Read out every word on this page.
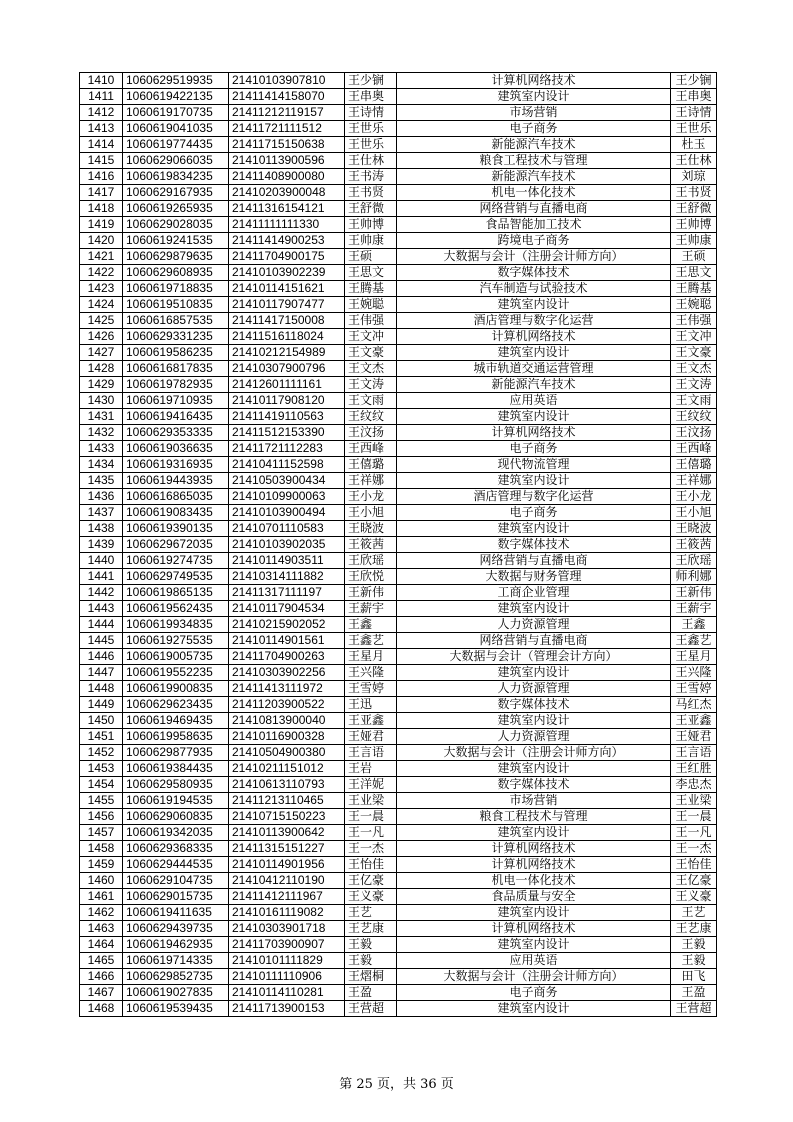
1410	1060629519935	21410103907810	王少锎	计算机网络技术	王少锎
1411	1060619422135	21411414158070	王串奥	建筑室内设计	王串奥
1412	1060619170735	21411212119157	王诗情	市场营销	王诗情
1413	1060619041035	21411721111512	王世乐	电子商务	王世乐
1414	1060619774435	21411715150638	王世乐	新能源汽车技术	杜玉
1415	1060629066035	21410113900596	王仕林	粮食工程技术与管理	王仕林
1416	1060619834235	21411408900080	王书涛	新能源汽车技术	刘琼
1417	1060629167935	21410203900048	王书贤	机电一体化技术	王书贤
1418	1060619265935	21411316154121	王舒微	网络营销与直播电商	王舒微
1419	1060629028035	21411111111330	王帅博	食品智能加工技术	王帅博
1420	1060619241535	21411414900253	王帅康	跨境电子商务	王帅康
1421	1060629879635	21411704900175	王硕	大数据与会计（注册会计师方向）	王硕
1422	1060629608935	21410103902239	王思文	数字媒体技术	王思文
1423	1060619718835	21410114151621	王腾基	汽车制造与试验技术	王腾基
1424	1060619510835	21410117907477	王婉聪	建筑室内设计	王婉聪
1425	1060616857535	21411417150008	王伟强	酒店管理与数字化运营	王伟强
1426	1060629331235	21411516118024	王文冲	计算机网络技术	王文冲
1427	1060619586235	21410212154989	王文豪	建筑室内设计	王文豪
1428	1060616817835	21410307900796	王文杰	城市轨道交通运营管理	王文杰
1429	1060619782935	21412601111161	王文涛	新能源汽车技术	王文涛
1430	1060619710935	21410117908120	王文雨	应用英语	王文雨
1431	1060619416435	21411419110563	王纹纹	建筑室内设计	王纹纹
1432	1060629353335	21411512153390	王汶扬	计算机网络技术	王汶扬
1433	1060619036635	21411721112283	王西峰	电子商务	王西峰
1434	1060619316935	21410411152598	王僖璐	现代物流管理	王僖璐
1435	1060619443935	21410503900434	王祥娜	建筑室内设计	王祥娜
1436	1060616865035	21410109900063	王小龙	酒店管理与数字化运营	王小龙
1437	1060619083435	21410103900494	王小旭	电子商务	王小旭
1438	1060619390135	21410701110583	王晓波	建筑室内设计	王晓波
1439	1060629672035	21410103902035	王筱茜	数字媒体技术	王筱茜
1440	1060619274735	21410114903511	王欣瑶	网络营销与直播电商	王欣瑶
1441	1060629749535	21410314111882	王欣悦	大数据与财务管理	师利娜
1442	1060619865135	21411317111197	王新伟	工商企业管理	王新伟
1443	1060619562435	21410117904534	王薪宇	建筑室内设计	王薪宇
1444	1060619934835	21410215902052	王鑫	人力资源管理	王鑫
1445	1060619275535	21410114901561	王鑫艺	网络营销与直播电商	王鑫艺
1446	1060619005735	21411704900263	王星月	大数据与会计（管理会计方向）	王星月
1447	1060619552235	21410303902256	王兴隆	建筑室内设计	王兴隆
1448	1060619900835	21411413111972	王雪婷	人力资源管理	王雪婷
1449	1060629623435	21411203900522	王迅	数字媒体技术	马红杰
1450	1060619469435	21410813900040	王亚鑫	建筑室内设计	王亚鑫
1451	1060619958635	21410116900328	王娅君	人力资源管理	王娅君
1452	1060629877935	21410504900380	王言语	大数据与会计（注册会计师方向）	王言语
1453	1060619384435	21410211151012	王岩	建筑室内设计	王红胜
1454	1060629580935	21410613110793	王洋妮	数字媒体技术	李忠杰
1455	1060619194535	21411213110465	王业梁	市场营销	王业梁
1456	1060629060835	21410715150223	王一晨	粮食工程技术与管理	王一晨
1457	1060619342035	21410113900642	王一凡	建筑室内设计	王一凡
1458	1060629368335	21411315151227	王一杰	计算机网络技术	王一杰
1459	1060629444535	21410114901956	王怡佳	计算机网络技术	王怡佳
1460	1060629104735	21410412110190	王亿豪	机电一体化技术	王亿豪
1461	1060629015735	21411412111967	王义豪	食品质量与安全	王义豪
1462	1060619411635	21410161119082	王艺	建筑室内设计	王艺
1463	1060629439735	21410303901718	王艺康	计算机网络技术	王艺康
1464	1060619462935	21411703900907	王毅	建筑室内设计	王毅
1465	1060619714335	21410101111829	王毅	应用英语	王毅
1466	1060629852735	21410111110906	王熠桐	大数据与会计（注册会计师方向）	田飞
1467	1060619027835	21410114110281	王盈	电子商务	王盈
1468	1060619539435	21411713900153	王营超	建筑室内设计	王营超
第 25 页，共 36 页
